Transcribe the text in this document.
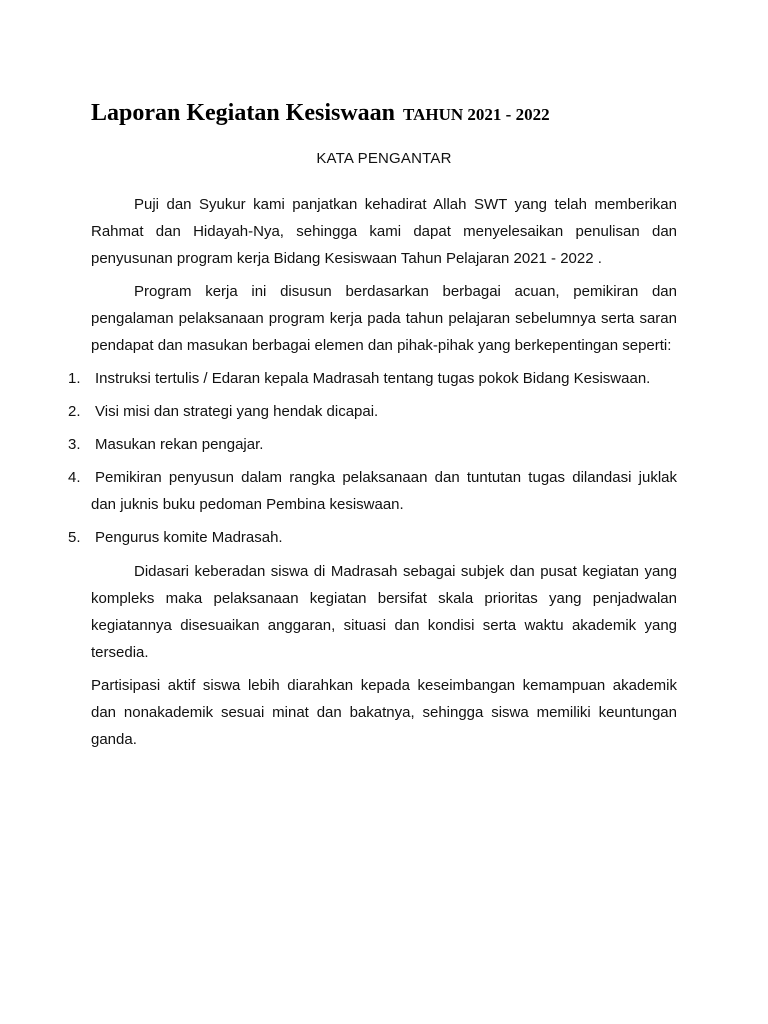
Laporan Kegiatan Kesiswaan TAHUN 2021 - 2022
KATA PENGANTAR

Puji dan Syukur kami panjatkan kehadirat Allah SWT yang telah memberikan Rahmat dan Hidayah-Nya, sehingga kami dapat menyelesaikan penulisan dan penyusunan program kerja Bidang Kesiswaan Tahun Pelajaran 2021 - 2022 .

Program kerja ini disusun berdasarkan berbagai acuan, pemikiran dan pengalaman pelaksanaan program kerja pada tahun pelajaran sebelumnya serta saran pendapat dan masukan berbagai elemen dan pihak-pihak yang berkepentingan seperti:

1. Instruksi tertulis / Edaran kepala Madrasah tentang tugas pokok Bidang Kesiswaan.
2. Visi misi dan strategi yang hendak dicapai.
3. Masukan rekan pengajar.
4. Pemikiran penyusun dalam rangka pelaksanaan dan tuntutan tugas dilandasi juklak dan juknis buku pedoman Pembina kesiswaan.
5. Pengurus komite Madrasah.

Didasari keberadan siswa di Madrasah sebagai subjek dan pusat kegiatan yang kompleks maka pelaksanaan kegiatan bersifat skala prioritas yang penjadwalan kegiatannya disesuaikan anggaran, situasi dan kondisi serta waktu akademik yang tersedia.

Partisipasi aktif siswa lebih diarahkan kepada keseimbangan kemampuan akademik dan nonakademik sesuai minat dan bakatnya, sehingga siswa memiliki keuntungan ganda.
